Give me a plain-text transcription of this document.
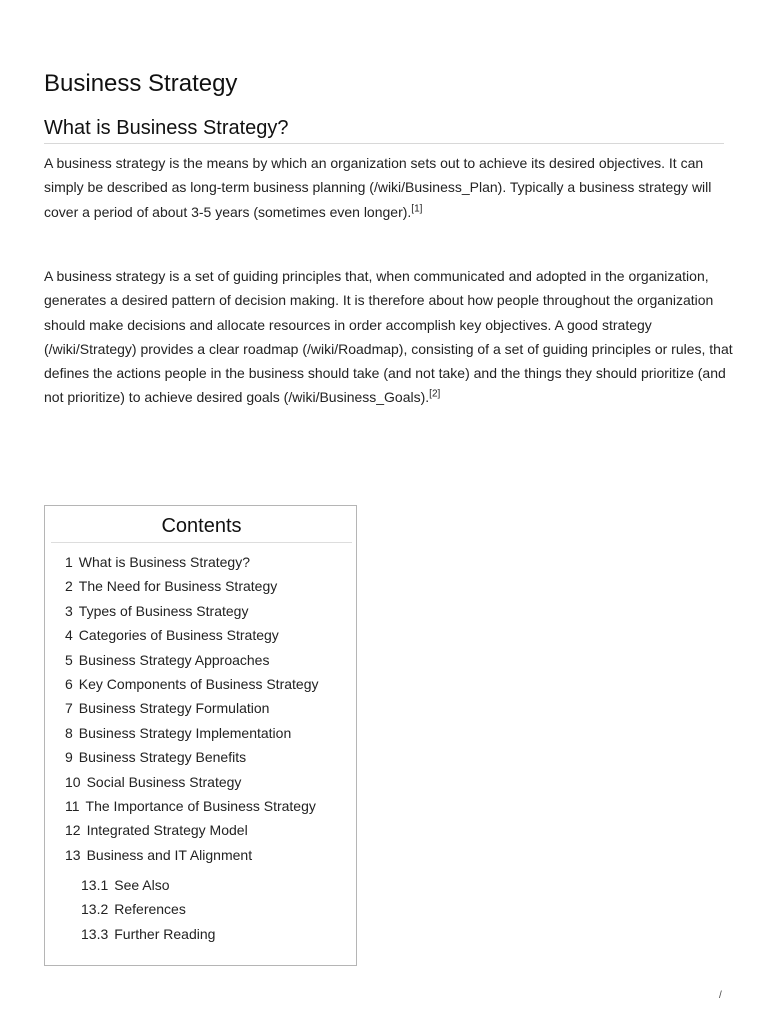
Business Strategy
What is Business Strategy?

A business strategy is the means by which an organization sets out to achieve its desired objectives. It can simply be described as long-term business planning (/wiki/Business_Plan). Typically a business strategy will cover a period of about 3-5 years (sometimes even longer).[1]

A business strategy is a set of guiding principles that, when communicated and adopted in the organization, generates a desired pattern of decision making. It is therefore about how people throughout the organization should make decisions and allocate resources in order accomplish key objectives. A good strategy (/wiki/Strategy) provides a clear roadmap (/wiki/Roadmap), consisting of a set of guiding principles or rules, that defines the actions people in the business should take (and not take) and the things they should prioritize (and not prioritize) to achieve desired goals (/wiki/Business_Goals).[2]

Contents
1 What is Business Strategy?
2 The Need for Business Strategy
3 Types of Business Strategy
4 Categories of Business Strategy
5 Business Strategy Approaches
6 Key Components of Business Strategy
7 Business Strategy Formulation
8 Business Strategy Implementation
9 Business Strategy Benefits
10 Social Business Strategy
11 The Importance of Business Strategy
12 Integrated Strategy Model
13 Business and IT Alignment
13.1 See Also
13.2 References
13.3 Further Reading
/
